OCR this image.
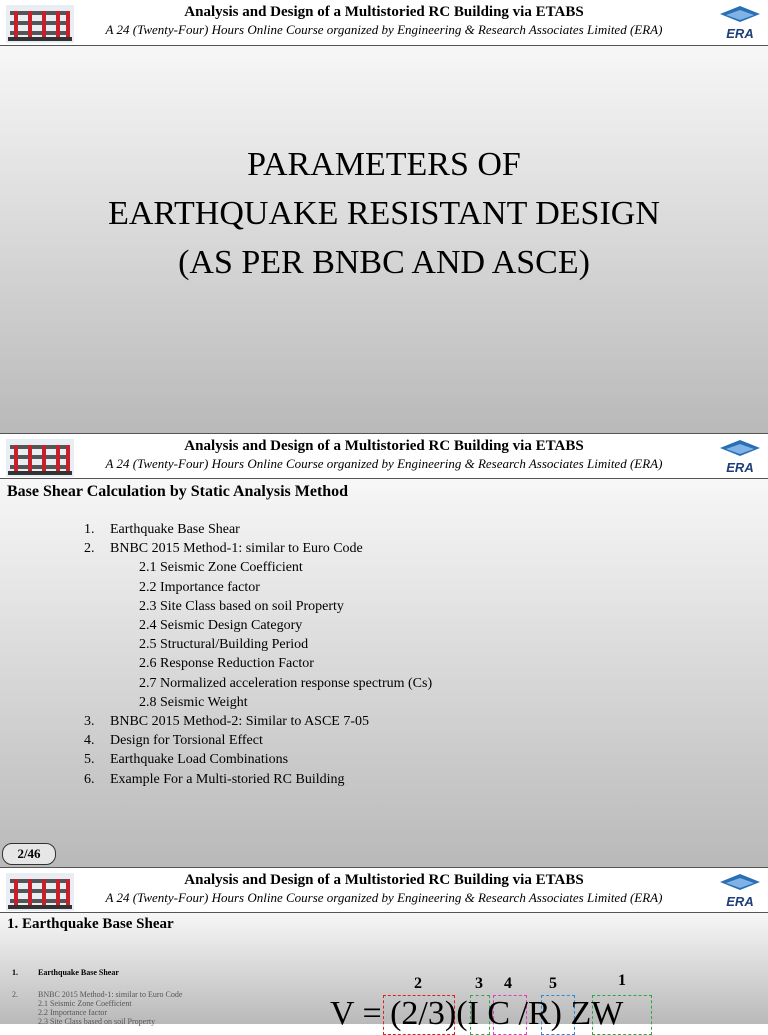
Analysis and Design of a Multistoried RC Building via ETABS
A 24 (Twenty-Four) Hours Online Course organized by Engineering & Research Associates Limited (ERA)	ERA
PARAMETERS OF
EARTHQUAKE RESISTANT DESIGN
(AS PER BNBC AND ASCE)
Analysis and Design of a Multistoried RC Building via ETABS
A 24 (Twenty-Four) Hours Online Course organized by Engineering & Research Associates Limited (ERA)	ERA
Base Shear Calculation by Static Analysis Method
1.	Earthquake Base Shear
2.	BNBC 2015 Method-1: similar to Euro Code
2.1 Seismic Zone Coefficient
2.2 Importance factor
2.3 Site Class based on soil Property
2.4 Seismic Design Category
2.5 Structural/Building Period
2.6 Response Reduction Factor
2.7 Normalized acceleration response spectrum (Cs)
2.8 Seismic Weight
3.	BNBC 2015 Method-2: Similar to ASCE 7-05
4.	Design for Torsional Effect
5.	Earthquake Load Combinations
6.	Example For a Multi-storied RC Building
2/46
Analysis and Design of a Multistoried RC Building via ETABS
A 24 (Twenty-Four) Hours Online Course organized by Engineering & Research Associates Limited (ERA)	ERA
1. Earthquake Base Shear
1.	Earthquake Base Shear
2.	BNBC 2015 Method-1: similar to Euro Code
2.1 Seismic Zone Coefficient
2.2 Importance factor
2.3 Site Class based on soil Property
2	3 4 5	1
V = (2/3)(I C /R) ZW
